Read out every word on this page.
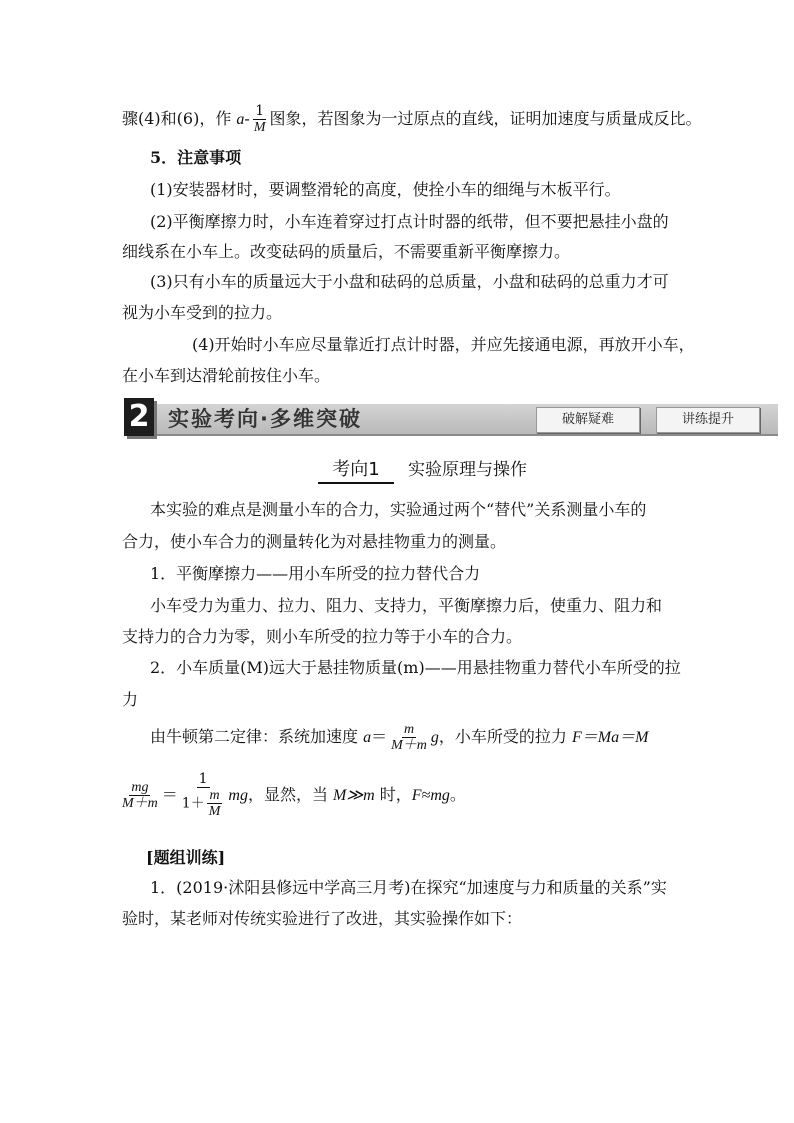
骤(4)和(6)，作 $a- \frac{1}{M}$ 图象，若图象为一过原点的直线，证明加速度与质量成反比。
5．注意事项
(1)安装器材时，要调整滑轮的高度，使拴小车的细绳与木板平行。
(2)平衡摩擦力时，小车连着穿过打点计时器的纸带，但不要把悬挂小盘的
细线系在小车上。改变砝码的质量后，不需要重新平衡摩擦力。
(3)只有小车的质量远大于小盘和砝码的总质量，小盘和砝码的总重力才可
视为小车受到的拉力。
(4)开始时小车应尽量靠近打点计时器，并应先接通电源，再放开小车，
在小车到达滑轮前按住小车。
2 实验考向·多维突破	破解疑难	讲练提升
考向1	实验原理与操作
本实验的难点是测量小车的合力，实验通过两个“替代”关系测量小车的
合力，使小车合力的测量转化为对悬挂物重力的测量。
1．平衡摩擦力——用小车所受的拉力替代合力
小车受力为重力、拉力、阻力、支持力，平衡摩擦力后，使重力、阻力和
支持力的合力为零，则小车所受的拉力等于小车的合力。
2．小车质量(M)远大于悬挂物质量(m)——用悬挂物重力替代小车所受的拉
力
由牛顿第二定律：系统加速度 $a= \frac{m}{M+m}$ g，小车所受的拉力 F＝Ma＝M
$\frac{mg}{M+m} = \frac{1}{1+ \frac{m}{M}}$ mg，显然，当 M≫m 时，F≈mg。
[题组训练]
1．(2019·沭阳县修远中学高三月考)在探究“加速度与力和质量的关系”实
验时，某老师对传统实验进行了改进，其实验操作如下：
